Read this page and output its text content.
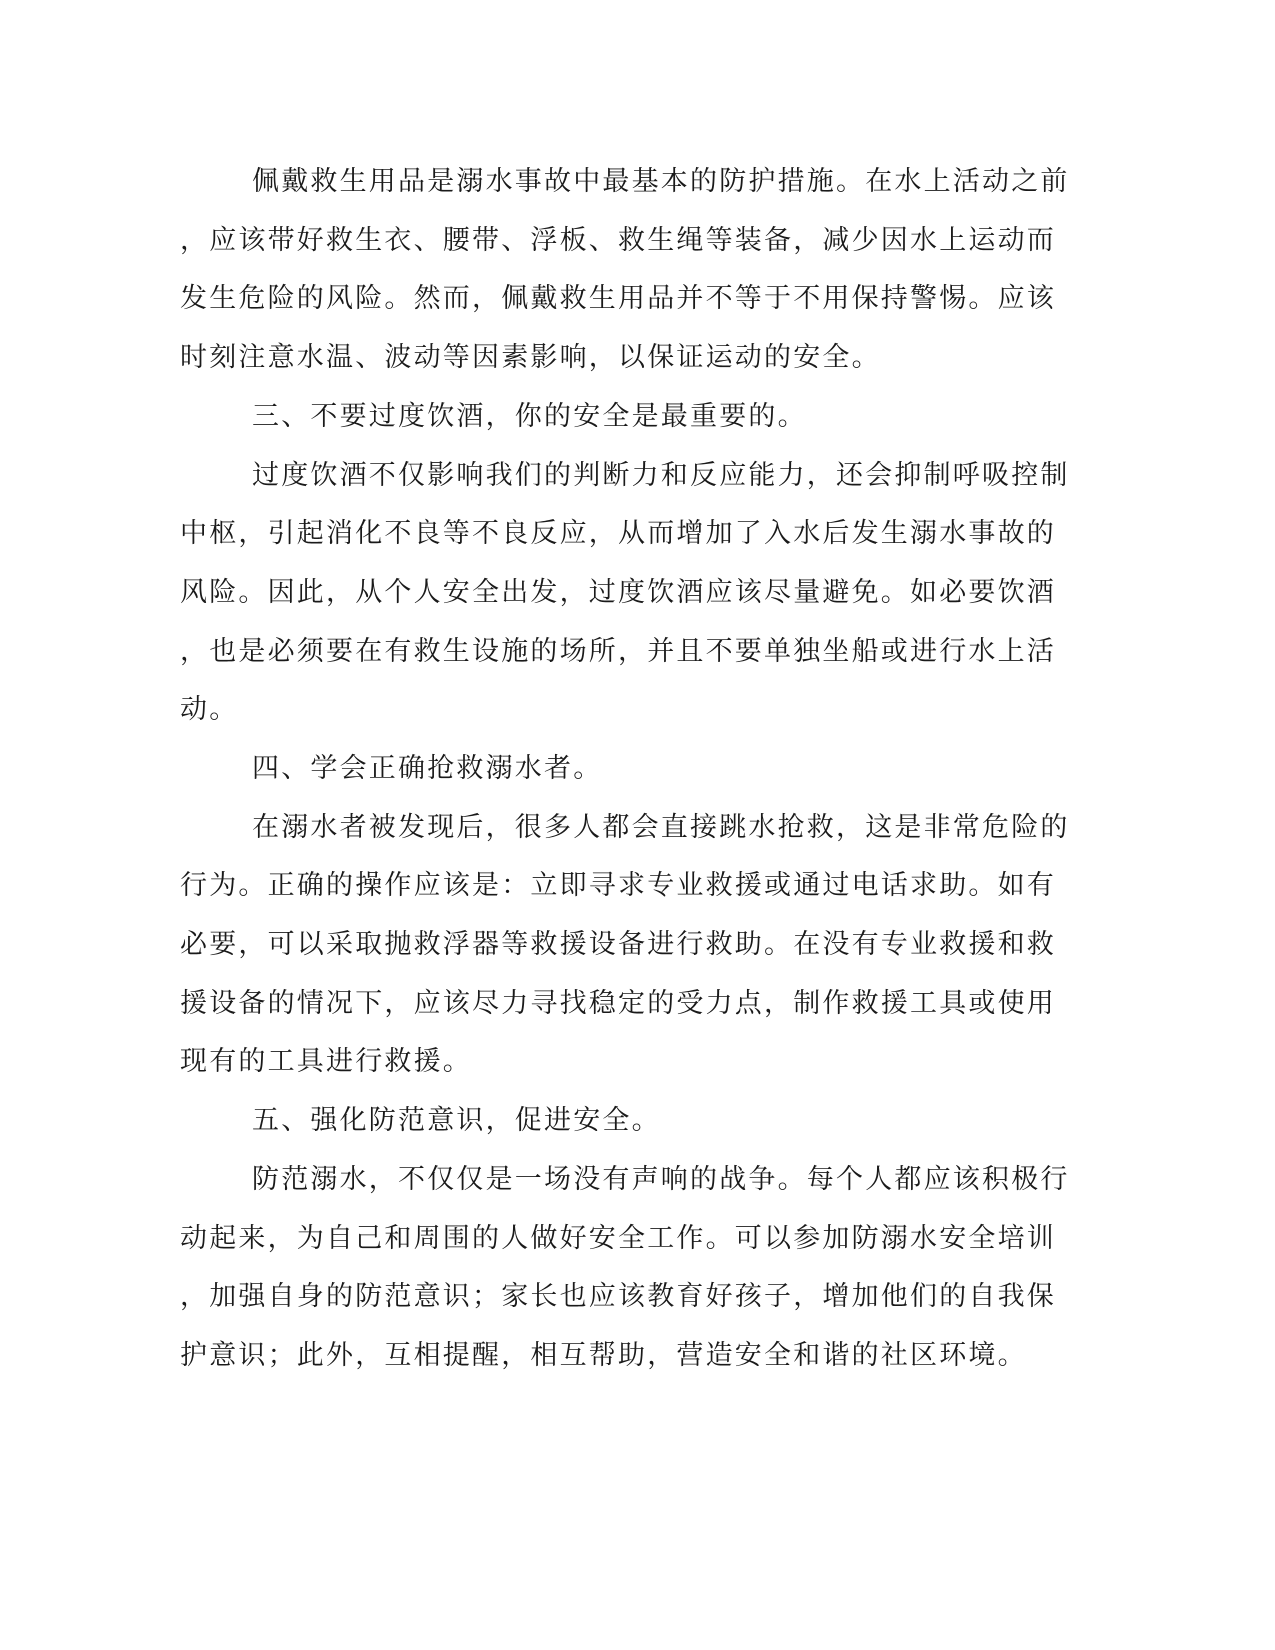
佩戴救生用品是溺水事故中最基本的防护措施。在水上活动之前

，应该带好救生衣、腰带、浮板、救生绳等装备，减少因水上运动而

发生危险的风险。然而，佩戴救生用品并不等于不用保持警惕。应该

时刻注意水温、波动等因素影响，以保证运动的安全。

三、不要过度饮酒，你的安全是最重要的。

过度饮酒不仅影响我们的判断力和反应能力，还会抑制呼吸控制

中枢，引起消化不良等不良反应，从而增加了入水后发生溺水事故的

风险。因此，从个人安全出发，过度饮酒应该尽量避免。如必要饮酒

，也是必须要在有救生设施的场所，并且不要单独坐船或进行水上活

动。

四、学会正确抢救溺水者。

在溺水者被发现后，很多人都会直接跳水抢救，这是非常危险的

行为。正确的操作应该是：立即寻求专业救援或通过电话求助。如有

必要，可以采取抛救浮器等救援设备进行救助。在没有专业救援和救

援设备的情况下，应该尽力寻找稳定的受力点，制作救援工具或使用

现有的工具进行救援。

五、强化防范意识，促进安全。

防范溺水，不仅仅是一场没有声响的战争。每个人都应该积极行

动起来，为自己和周围的人做好安全工作。可以参加防溺水安全培训

，加强自身的防范意识；家长也应该教育好孩子，增加他们的自我保

护意识；此外，互相提醒，相互帮助，营造安全和谐的社区环境。
